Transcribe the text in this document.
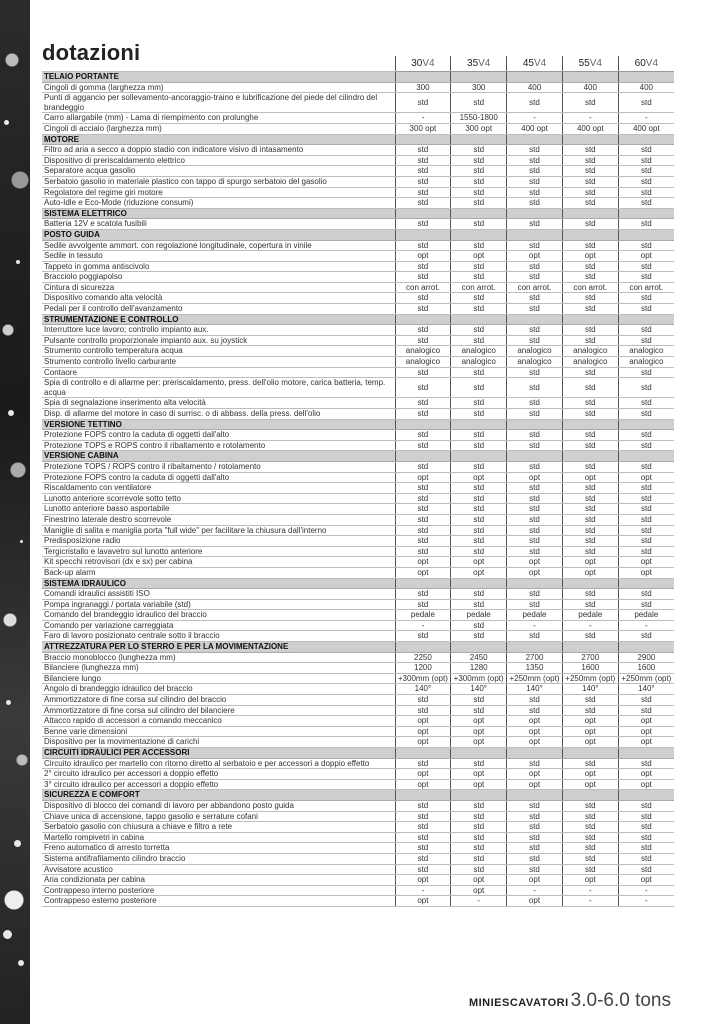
dotazioni
		30V4	35V4	45V4	55V4	60V4
TELAIO PORTANTE					
Cingoli di gomma (larghezza mm)	300	300	400	400	400
Punti di aggancio per sollevamento-ancoraggio-traino e lubrificazione del piede del cilindro del brandeggio	std	std	std	std	std
Carro allargabile (mm) - Lama di riempimento con prolunghe	-	1550-1800	-	-	-
Cingoli di acciaio (larghezza mm)	300 opt	300 opt	400 opt	400 opt	400 opt
MOTORE					
Filtro ad aria a secco a doppio stadio con indicatore visivo di intasamento	std	std	std	std	std
Dispositivo di preriscaldamento elettrico	std	std	std	std	std
Separatore acqua gasolio	std	std	std	std	std
Serbatoio gasolio in materiale plastico con tappo di spurgo serbatoio del gasolio	std	std	std	std	std
Regolatore del regime giri motore	std	std	std	std	std
Auto-Idle e Eco-Mode (riduzione consumi)	std	std	std	std	std
SISTEMA ELETTRICO					
Batteria 12V e scatola fusibili	std	std	std	std	std
POSTO GUIDA					
Sedile avvolgente ammort. con regolazione longitudinale, copertura in vinile	std	std	std	std	std
Sedile in tessuto	opt	opt	opt	opt	opt
Tappeto in gomma antiscivolo	std	std	std	std	std
Bracciolo poggiapolso	std	std	std	std	std
Cintura di sicurezza	con arrot.	con arrot.	con arrot.	con arrot.	con arrot.
Dispositivo comando alta velocità	std	std	std	std	std
Pedali per il controllo dell'avanzamento	std	std	std	std	std
STRUMENTAZIONE E CONTROLLO					
Interruttore luce lavoro; controllo impianto aux.	std	std	std	std	std
Pulsante controllo proporzionale impianto aux. su joystick	std	std	std	std	std
Strumento controllo temperatura acqua	analogico	analogico	analogico	analogico	analogico
Strumento controllo livello carburante	analogico	analogico	analogico	analogico	analogico
Contaore	std	std	std	std	std
Spia di controllo e di allarme per: preriscaldamento, press. dell'olio motore, carica batteria, temp. acqua	std	std	std	std	std
Spia di segnalazione inserimento alta velocità	std	std	std	std	std
Disp. di allarme del motore in caso di surrisc. o di abbass. della press. dell'olio	std	std	std	std	std
VERSIONE TETTINO					
Protezione FOPS contro la caduta di oggetti dall'alto	std	std	std	std	std
Protezione TOPS e ROPS contro il ribaltamento e rotolamento	std	std	std	std	std
VERSIONE CABINA					
Protezione TOPS / ROPS contro il ribaltamento / rotolamento	std	std	std	std	std
Protezione FOPS contro la caduta di oggetti dall'alto	opt	opt	opt	opt	opt
Riscaldamento con ventilatore	std	std	std	std	std
Lunotto anteriore scorrevole sotto tetto	std	std	std	std	std
Lunotto anteriore basso asportabile	std	std	std	std	std
Finestrino laterale destro scorrevole	std	std	std	std	std
Maniglie di salita e maniglia porta "full wide" per facilitare la chiusura dall'interno	std	std	std	std	std
Predisposizione radio	std	std	std	std	std
Tergicristallo e lavavetro sul lunotto anteriore	std	std	std	std	std
Kit specchi retrovisori (dx e sx) per cabina	opt	opt	opt	opt	opt
Back-up alarm	opt	opt	opt	opt	opt
SISTEMA IDRAULICO					
Comandi idraulici assistiti ISO	std	std	std	std	std
Pompa ingranaggi / portata variabile (std)	std	std	std	std	std
Comando del brandeggio idraulico del braccio	pedale	pedale	pedale	pedale	pedale
Comando per variazione carreggiata	-	std	-	-	-
Faro di lavoro posizionato centrale sotto il braccio	std	std	std	std	std
ATTREZZATURA PER LO STERRO E PER LA MOVIMENTAZIONE					
Braccio monoblocco (lunghezza mm)	2250	2450	2700	2700	2900
Bilanciere (lunghezza mm)	1200	1280	1350	1600	1600
Bilanciere lungo	+300mm (opt)	+300mm (opt)	+250mm (opt)	+250mm (opt)	+250mm (opt)
Angolo di brandeggio idraulico del braccio	140°	140°	140°	140°	140°
Ammortizzatore di fine corsa sul cilindro del braccio	std	std	std	std	std
Ammortizzatore di fine corsa sul cilindro del bilanciere	std	std	std	std	std
Attacco rapido di accessori a comando meccanico	opt	opt	opt	opt	opt
Benne varie dimensioni	opt	opt	opt	opt	opt
Dispositivo per la movimentazione di carichi	opt	opt	opt	opt	opt
CIRCUITI IDRAULICI PER ACCESSORI					
Circuito idraulico per martello con ritorno diretto al serbatoio e per accessori a doppio effetto	std	std	std	std	std
2° circuito idraulico per accessori a doppio effetto	opt	opt	opt	opt	opt
3° circuito idraulico per accessori a doppio effetto	opt	opt	opt	opt	opt
SICUREZZA E COMFORT					
Dispositivo di blocco dei comandi di lavoro per abbandono posto guida	std	std	std	std	std
Chiave unica di accensione, tappo gasolio e serrature cofani	std	std	std	std	std
Serbatoio gasolio con chiusura a chiave e filtro a rete	std	std	std	std	std
Martello rompivetri in cabina	std	std	std	std	std
Freno automatico di arresto torretta	std	std	std	std	std
Sistema antifrafilamento cilindro braccio	std	std	std	std	std
Avvisatore acustico	std	std	std	std	std
Aria condizionata per cabina	opt	opt	opt	opt	opt
Contrappeso interno posteriore	-	opt	-	-	-
Contrappeso esterno posteriore	opt	-	opt	-	-
MINIESCAVATORI 3.0-6.0 tons
